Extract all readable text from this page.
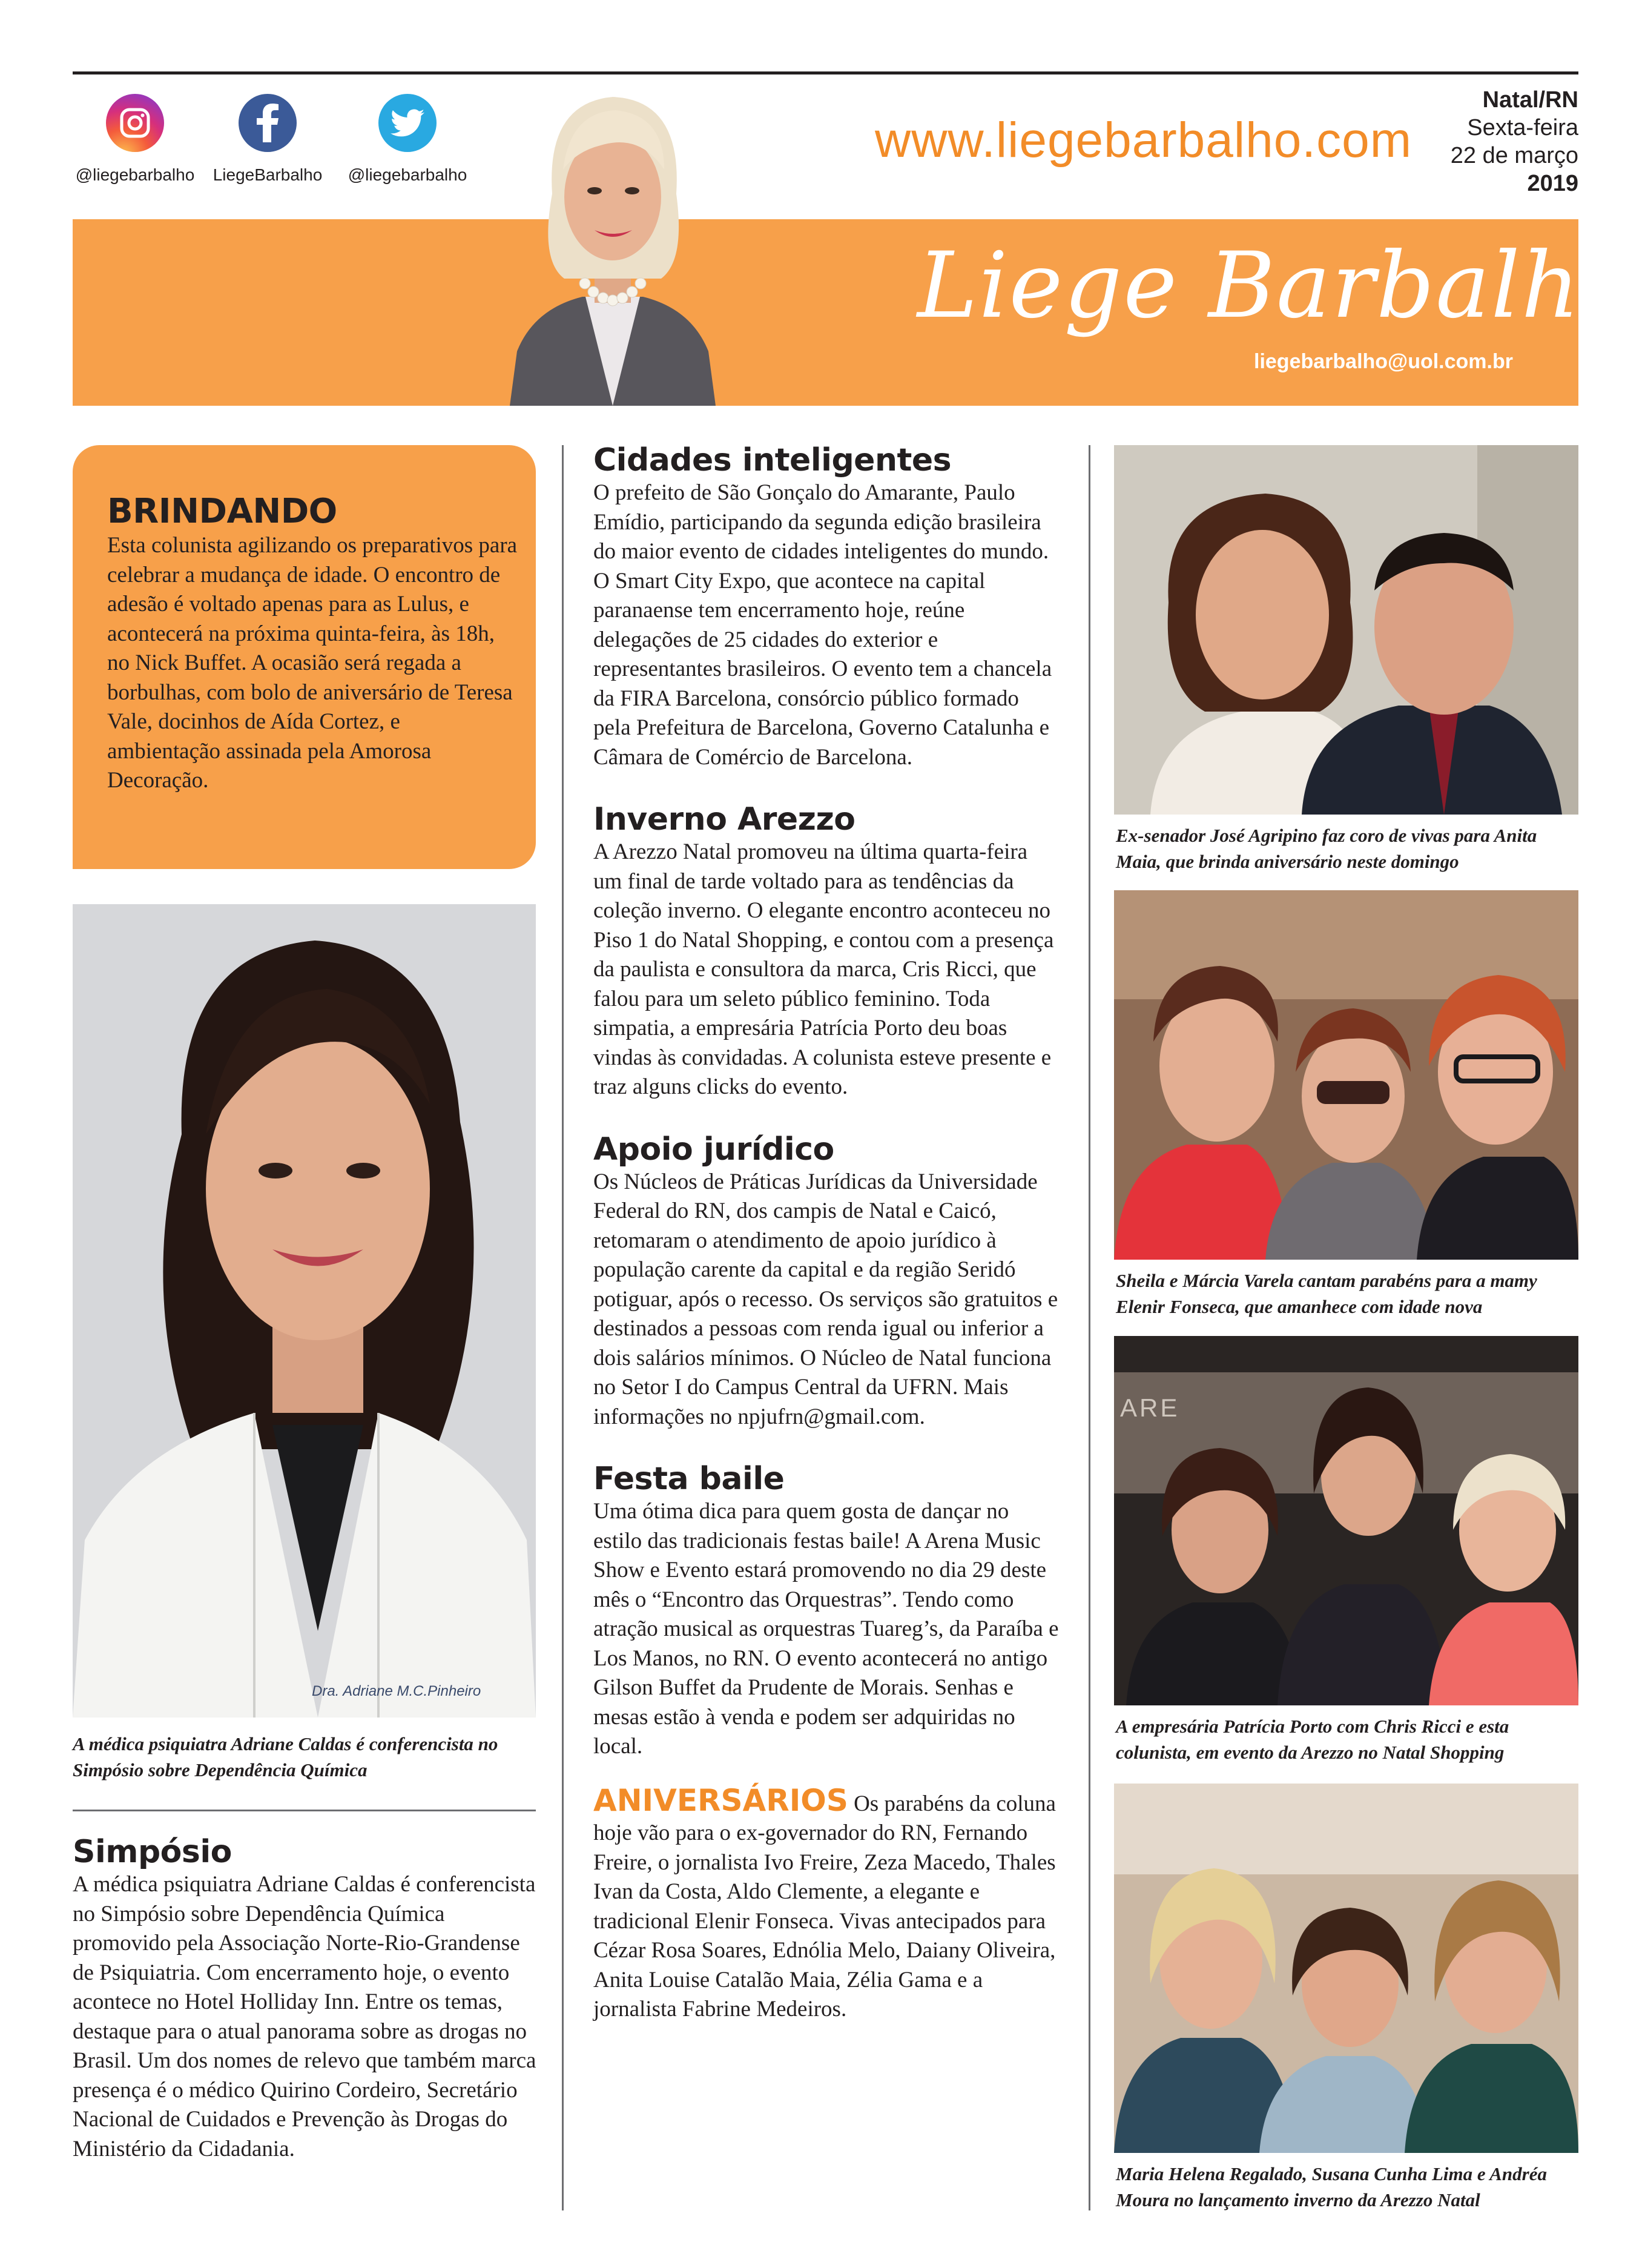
@liegebarbalho	LiegeBarbalho	@liegebarbalho
www.liegebarbalho.com
Natal/RN
Sexta-feira
22 de março
2019
Liege Barbalho
liegebarbalho@uol.com.br
BRINDANDO
Esta colunista agilizando os preparativos para celebrar a mudança de idade. O encontro de adesão é voltado apenas para as Lulus, e acontecerá na próxima quinta-feira, às 18h, no Nick Buffet. A ocasião será regada a borbulhas, com bolo de aniversário de Teresa Vale, docinhos de Aída Cortez, e ambientação assinada pela Amorosa Decoração.
Dra. Adriane M.C.Pinheiro
A médica psiquiatra Adriane Caldas é conferencista no Simpósio sobre Dependência Química
Simpósio
A médica psiquiatra Adriane Caldas é conferencista no Simpósio sobre Dependência Química promovido pela Associação Norte-Rio-Grandense de Psiquiatria. Com encerramento hoje, o evento acontece no Hotel Holliday Inn. Entre os temas, destaque para o atual panorama sobre as drogas no Brasil. Um dos nomes de relevo que também marca presença é o médico Quirino Cordeiro, Secretário Nacional de Cuidados e Prevenção às Drogas do Ministério da Cidadania.
Cidades inteligentes
O prefeito de São Gonçalo do Amarante, Paulo Emídio, participando da segunda edição brasileira do maior evento de cidades inteligentes do mundo. O Smart City Expo, que acontece na capital paranaense tem encerramento hoje, reúne delegações de 25 cidades do exterior e representantes brasileiros. O evento tem a chancela da FIRA Barcelona, consórcio público formado pela Prefeitura de Barcelona, Governo Catalunha e Câmara de Comércio de Barcelona.
Inverno Arezzo
A Arezzo Natal promoveu na última quarta-feira um final de tarde voltado para as tendências da coleção inverno. O elegante encontro aconteceu no Piso 1 do Natal Shopping, e contou com a presença da paulista e consultora da marca, Cris Ricci, que falou para um seleto público feminino. Toda simpatia, a empresária Patrícia Porto deu boas vindas às convidadas. A colunista esteve presente e traz alguns clicks do evento.
Apoio jurídico
Os Núcleos de Práticas Jurídicas da Universidade Federal do RN, dos campis de Natal e Caicó, retomaram o atendimento de apoio jurídico à população carente da capital e da região Seridó potiguar, após o recesso. Os serviços são gratuitos e destinados a pessoas com renda igual ou inferior a dois salários mínimos. O Núcleo de Natal funciona no Setor I do Campus Central da UFRN. Mais informações no npjufrn@gmail.com.
Festa baile
Uma ótima dica para quem gosta de dançar no estilo das tradicionais festas baile! A Arena Music Show e Evento estará promovendo no dia 29 deste mês o “Encontro das Orquestras”. Tendo como atração musical as orquestras Tuareg’s, da Paraíba e Los Manos, no RN. O evento acontecerá no antigo Gilson Buffet da Prudente de Morais. Senhas e mesas estão à venda e podem ser adquiridas no local.
ANIVERSÁRIOS Os parabéns da coluna hoje vão para o ex-governador do RN, Fernando Freire, o jornalista Ivo Freire, Zeza Macedo, Thales Ivan da Costa, Aldo Clemente, a elegante e tradicional Elenir Fonseca. Vivas antecipados para Cézar Rosa Soares, Ednólia Melo, Daiany Oliveira, Anita Louise Catalão Maia, Zélia Gama e a jornalista Fabrine Medeiros.
Ex-senador José Agripino faz coro de vivas para Anita Maia, que brinda aniversário neste domingo
Sheila e Márcia Varela cantam parabéns para a mamy Elenir Fonseca, que amanhece com idade nova
ARE
A empresária Patrícia Porto com Chris Ricci e esta colunista, em evento da Arezzo no Natal Shopping
Maria Helena Regalado, Susana Cunha Lima e Andréa Moura no lançamento inverno da Arezzo Natal
